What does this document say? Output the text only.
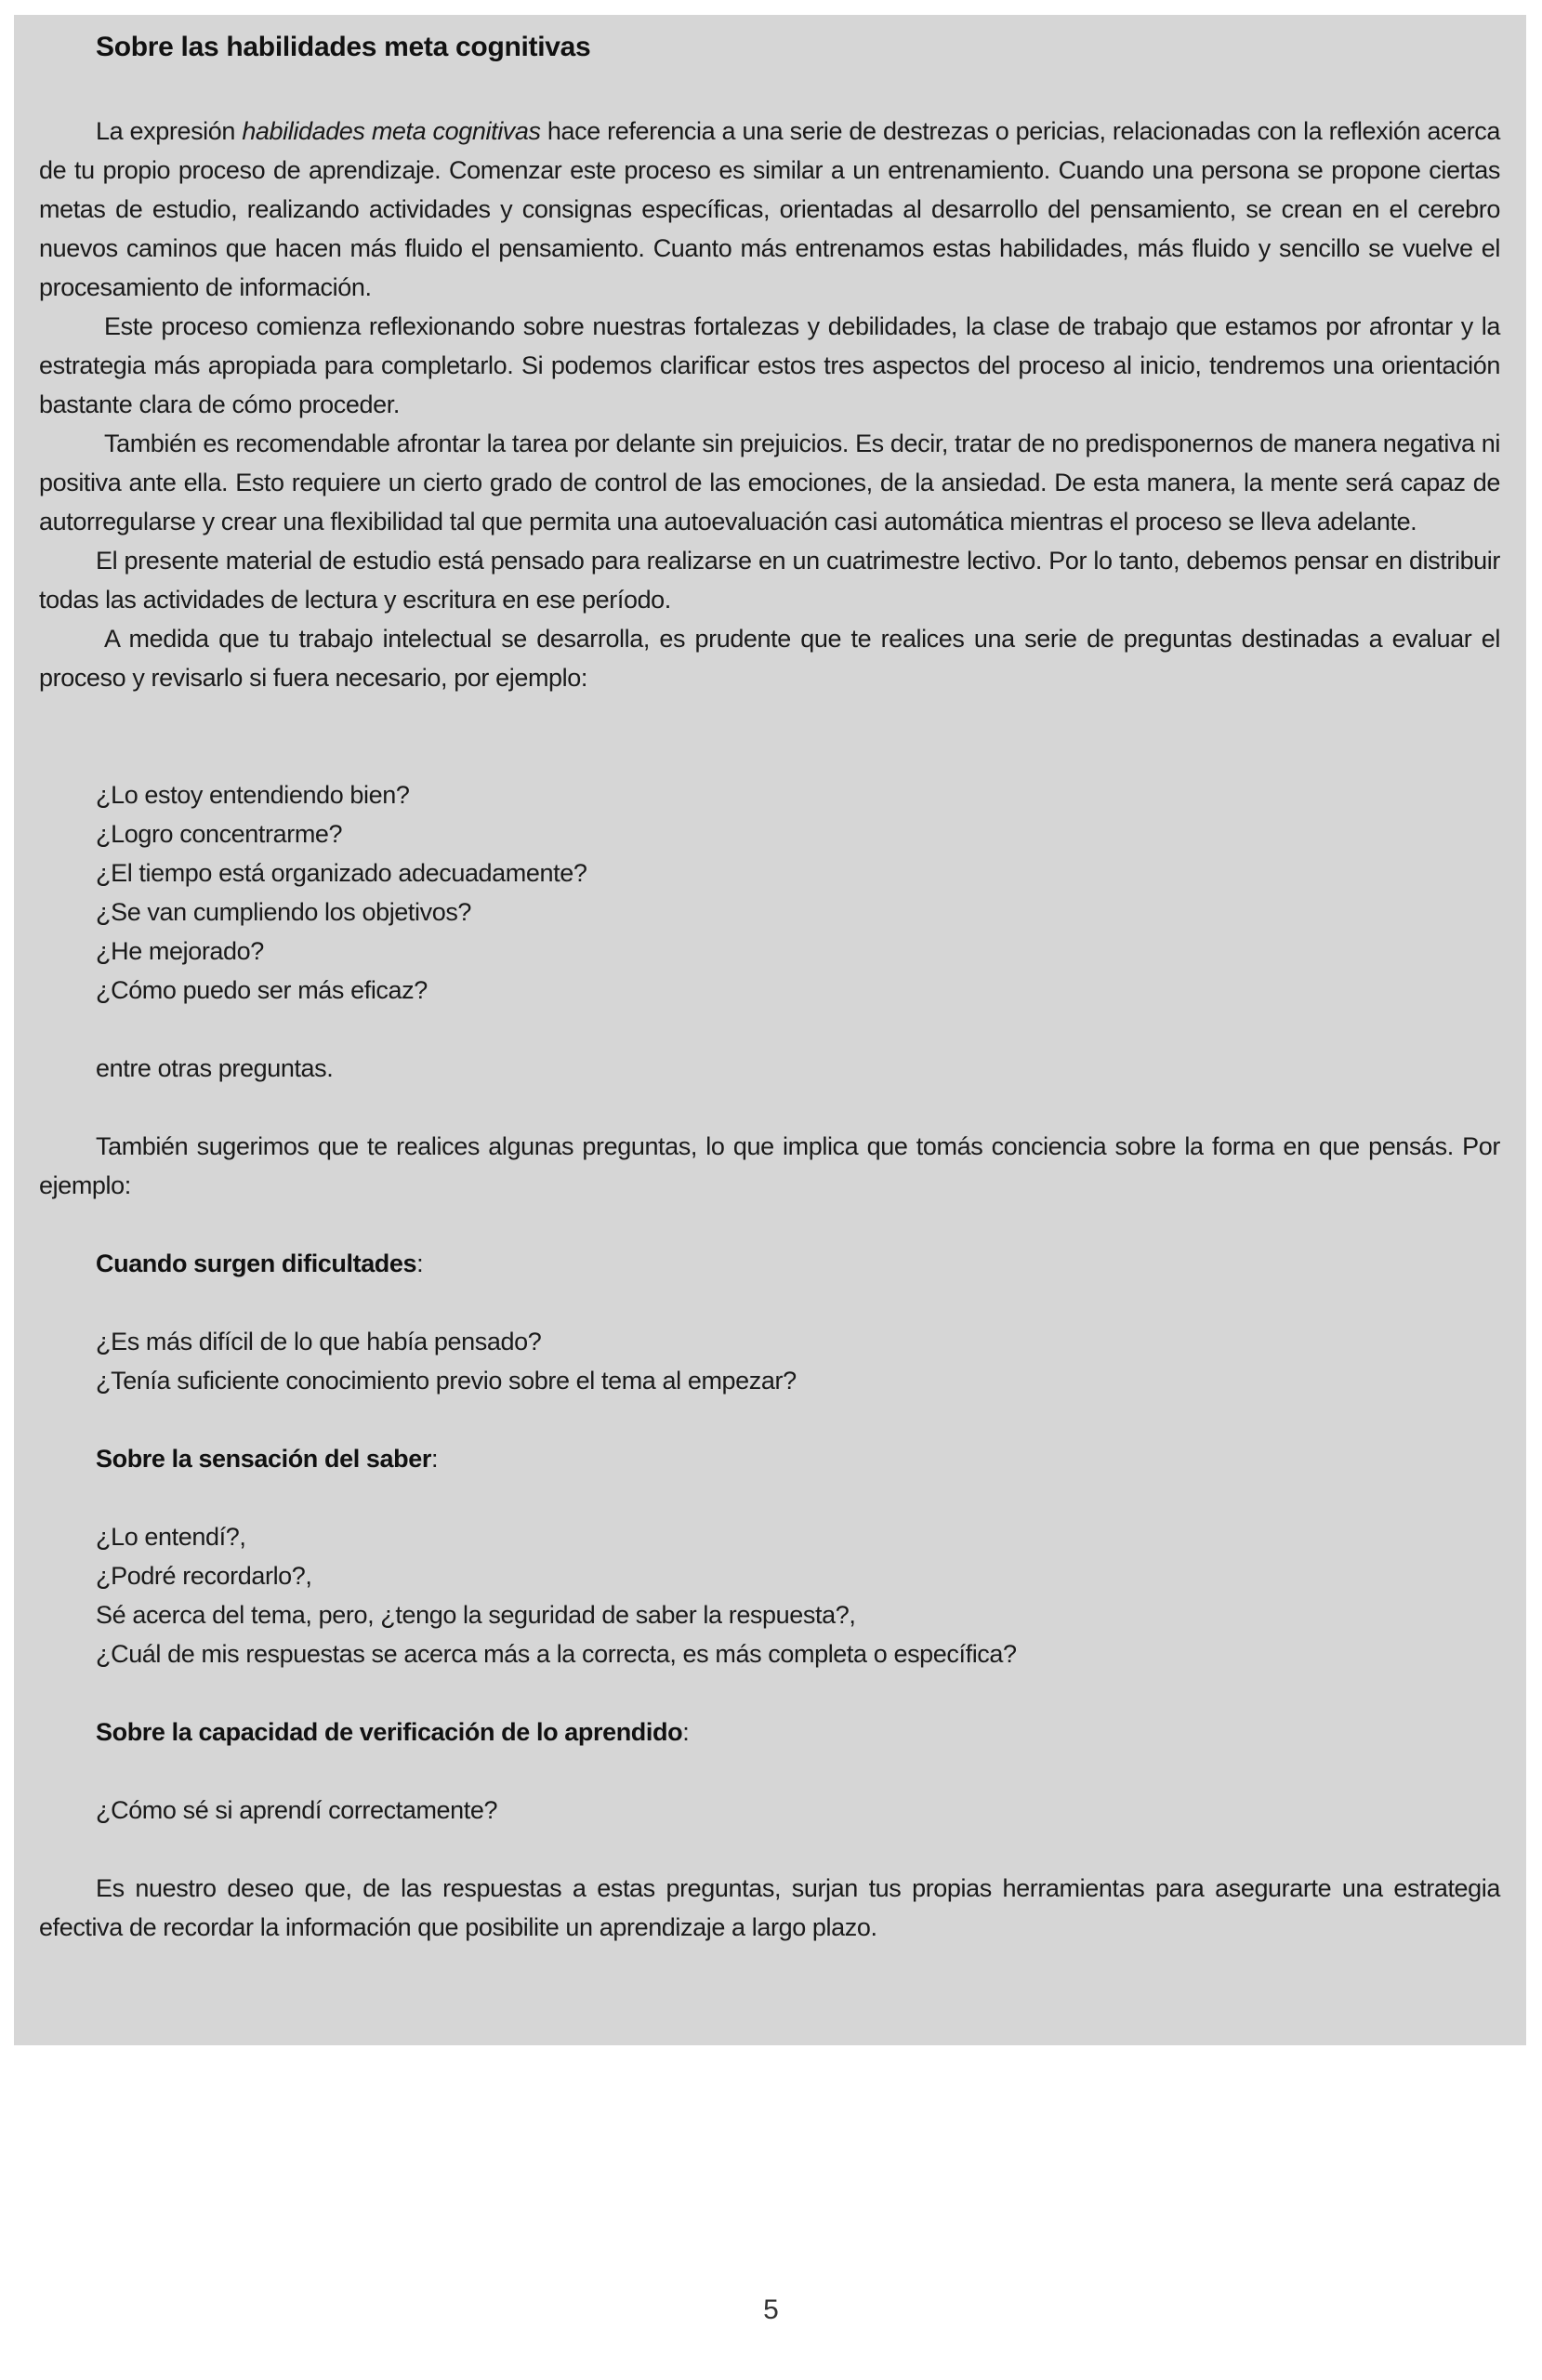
Sobre las habilidades meta cognitivas

La expresión habilidades meta cognitivas hace referencia a una serie de destrezas o pericias, relacionadas con la reflexión acerca de tu propio proceso de aprendizaje. Comenzar este proceso es similar a un entrenamiento. Cuando una persona se propone ciertas metas de estudio, realizando actividades y consignas específicas, orientadas al desarrollo del pensamiento, se crean en el cerebro nuevos caminos que hacen más fluido el pensamiento. Cuanto más entrenamos estas habilidades, más fluido y sencillo se vuelve el procesamiento de información.

Este proceso comienza reflexionando sobre nuestras fortalezas y debilidades, la clase de trabajo que estamos por afrontar y la estrategia más apropiada para completarlo. Si podemos clarificar estos tres aspectos del proceso al inicio, tendremos una orientación bastante clara de cómo proceder.

También es recomendable afrontar la tarea por delante sin prejuicios. Es decir, tratar de no predisponernos de manera negativa ni positiva ante ella. Esto requiere un cierto grado de control de las emociones, de la ansiedad. De esta manera, la mente será capaz de autorregularse y crear una flexibilidad tal que permita una autoevaluación casi automática mientras el proceso se lleva adelante.

El presente material de estudio está pensado para realizarse en un cuatrimestre lectivo. Por lo tanto, debemos pensar en distribuir todas las actividades de lectura y escritura en ese período.

A medida que tu trabajo intelectual se desarrolla, es prudente que te realices una serie de preguntas destinadas a evaluar el proceso y revisarlo si fuera necesario, por ejemplo:

¿Lo estoy entendiendo bien?
¿Logro concentrarme?
¿El tiempo está organizado adecuadamente?
¿Se van cumpliendo los objetivos?
¿He mejorado?
¿Cómo puedo ser más eficaz?
entre otras preguntas.

También sugerimos que te realices algunas preguntas, lo que implica que tomás conciencia sobre la forma en que pensás. Por ejemplo:

Cuando surgen dificultades:
¿Es más difícil de lo que había pensado?
¿Tenía suficiente conocimiento previo sobre el tema al empezar?
Sobre la sensación del saber:
¿Lo entendí?,
¿Podré recordarlo?,
Sé acerca del tema, pero, ¿tengo la seguridad de saber la respuesta?,
¿Cuál de mis respuestas se acerca más a la correcta, es más completa o específica?
Sobre la capacidad de verificación de lo aprendido:
¿Cómo sé si aprendí correctamente?

Es nuestro deseo que, de las respuestas a estas preguntas, surjan tus propias herramientas para asegurarte una estrategia efectiva de recordar la información que posibilite un aprendizaje a largo plazo.

5
